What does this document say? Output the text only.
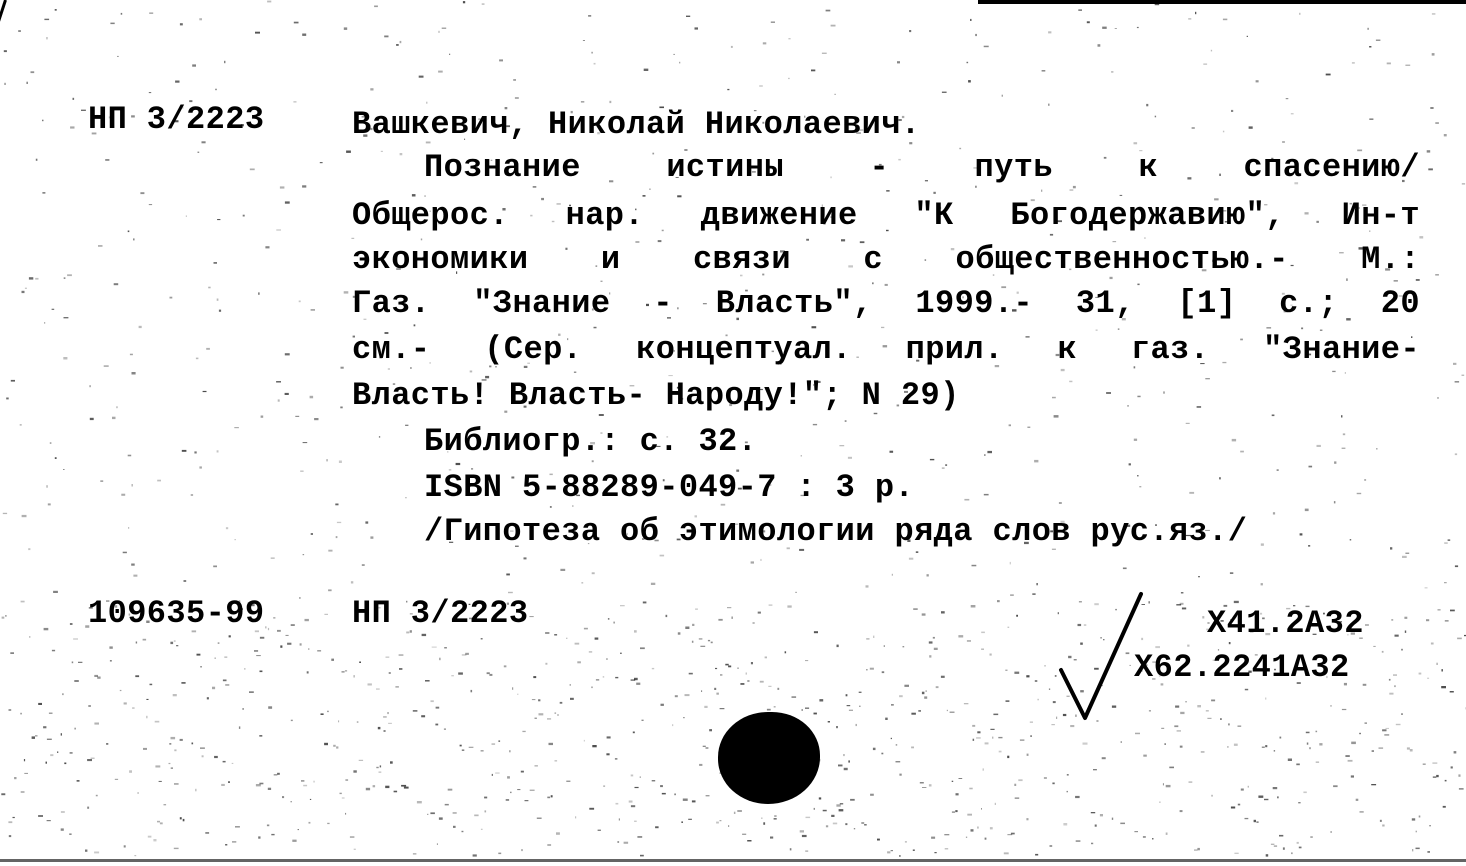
НП 3/2223	Вашкевич, Николай Николаевич.
Познание истины - путь к спасению/
Общерос. нар. движение "К Богодержавию", Ин-т
экономики и связи с общественностью.- М.:
Газ. "Знание - Власть", 1999.- 31, [1] с.; 20
см.- (Сер. концептуал. прил. к газ. "Знание-
Власть! Власть- Народу!"; N 29)
Библиогр.: с. 32.
ISBN 5-88289-049-7 : 3 р.
/Гипотеза об этимологии ряда слов рус.яз./
109635-99	НП 3/2223	X41.2A32
X62.2241A32
